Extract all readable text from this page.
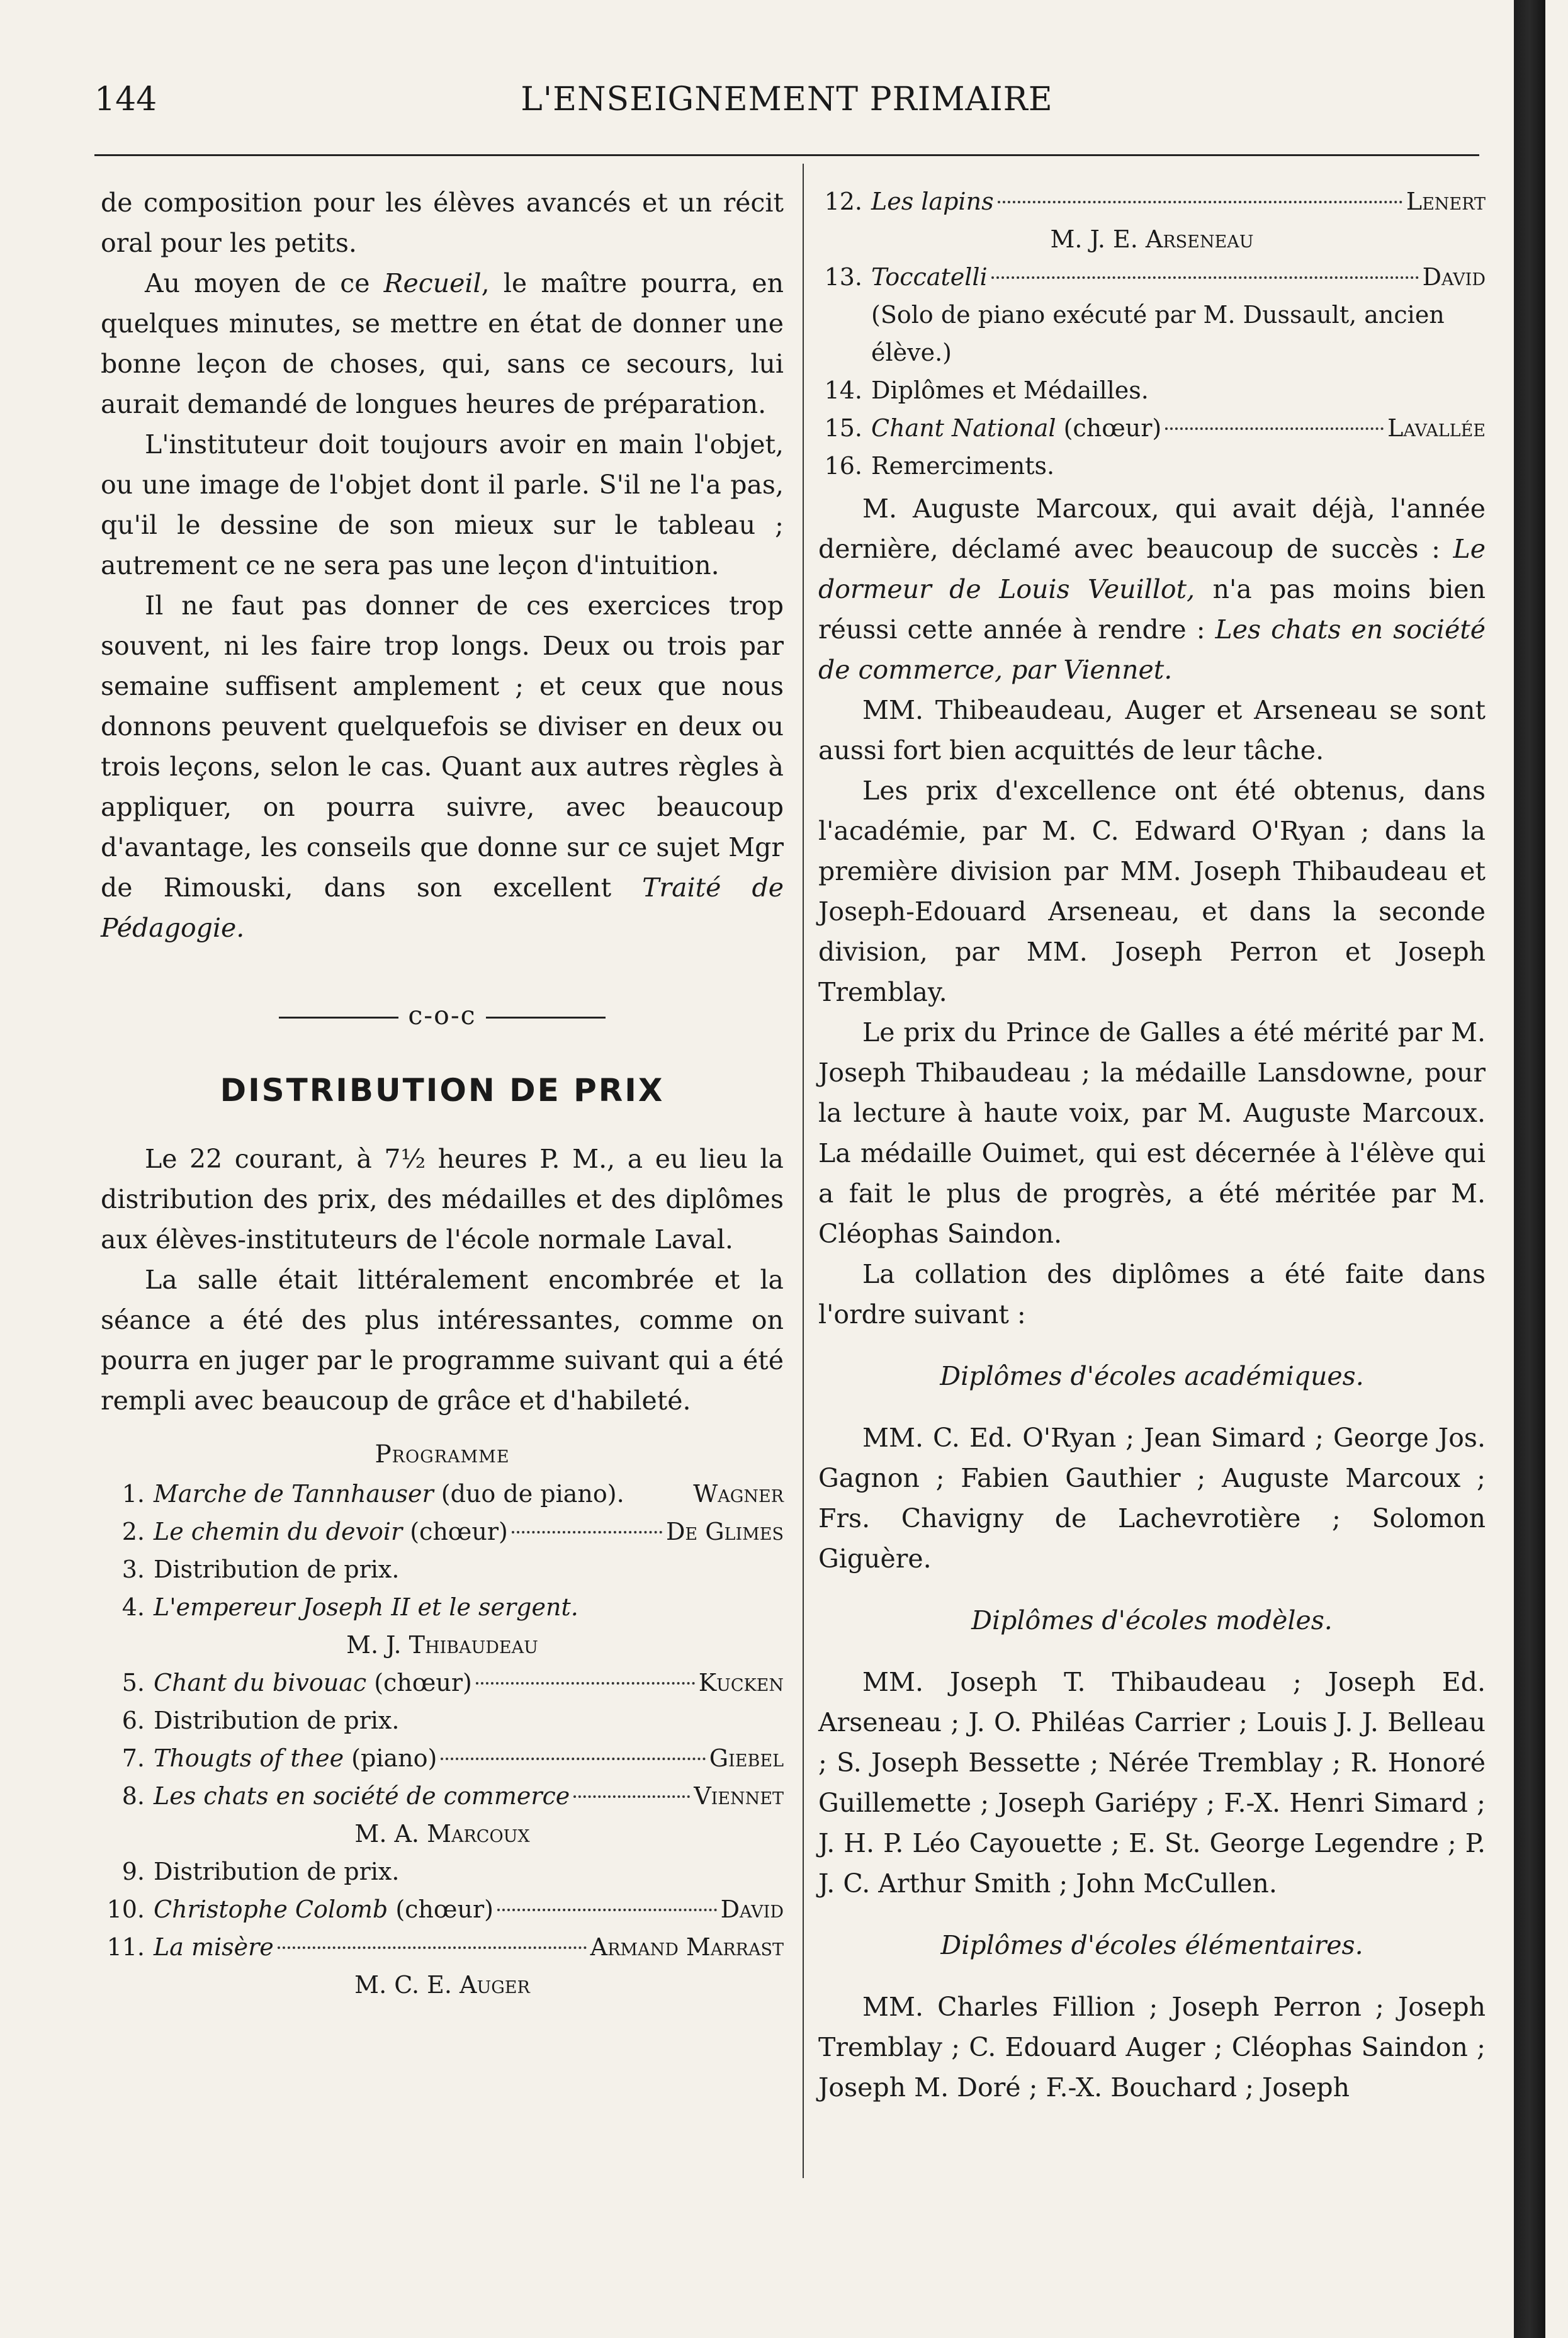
144	L'ENSEIGNEMENT PRIMAIRE

de composition pour les élèves avancés et un récit oral pour les petits.

Au moyen de ce Recueil, le maître pourra, en quelques minutes, se mettre en état de donner une bonne leçon de choses, qui, sans ce secours, lui aurait demandé de longues heures de préparation.

L'instituteur doit toujours avoir en main l'objet, ou une image de l'objet dont il parle. S'il ne l'a pas, qu'il le dessine de son mieux sur le tableau ; autrement ce ne sera pas une leçon d'intuition.

Il ne faut pas donner de ces exercices trop souvent, ni les faire trop longs. Deux ou trois par semaine suffisent amplement ; et ceux que nous donnons peuvent quelquefois se diviser en deux ou trois leçons, selon le cas. Quant aux autres règles à appliquer, on pourra suivre, avec beaucoup d'avantage, les conseils que donne sur ce sujet Mgr de Rimouski, dans son excellent Traité de Pédagogie.

c-o-c
DISTRIBUTION DE PRIX

Le 22 courant, à 7½ heures P. M., a eu lieu la distribution des prix, des médailles et des diplômes aux élèves-instituteurs de l'école normale Laval.

La salle était littéralement encombrée et la séance a été des plus intéressantes, comme on pourra en juger par le programme suivant qui a été rempli avec beaucoup de grâce et d'habileté.

Programme
1. Marche de Tannhauser (duo de piano).	Wagner
2. Le chemin du devoir (chœur)	De Glimes
3. Distribution de prix.
4. L'empereur Joseph II et le sergent.
M. J. Thibaudeau
5. Chant du bivouac (chœur)	Kucken
6. Distribution de prix.
7. Thougts of thee (piano)	Giebel
8. Les chats en société de commerce	Viennet
M. A. Marcoux
9. Distribution de prix.
10. Christophe Colomb (chœur)	David
11. La misère	Armand Marrast
M. C. E. Auger
12. Les lapins	Lenert
M. J. E. Arseneau
13. Toccatelli	David
(Solo de piano exécuté par M. Dussault, ancien élève.)
14. Diplômes et Médailles.
15. Chant National (chœur)	Lavallée
16. Remerciments.

M. Auguste Marcoux, qui avait déjà, l'année dernière, déclamé avec beaucoup de succès : Le dormeur de Louis Veuillot, n'a pas moins bien réussi cette année à rendre : Les chats en société de commerce, par Viennet.

MM. Thibeaudeau, Auger et Arseneau se sont aussi fort bien acquittés de leur tâche.

Les prix d'excellence ont été obtenus, dans l'académie, par M. C. Edward O'Ryan ; dans la première division par MM. Joseph Thibaudeau et Joseph-Edouard Arseneau, et dans la seconde division, par MM. Joseph Perron et Joseph Tremblay.

Le prix du Prince de Galles a été mérité par M. Joseph Thibaudeau ; la médaille Lansdowne, pour la lecture à haute voix, par M. Auguste Marcoux. La médaille Ouimet, qui est décernée à l'élève qui a fait le plus de progrès, a été méritée par M. Cléophas Saindon.

La collation des diplômes a été faite dans l'ordre suivant :

Diplômes d'écoles académiques.

MM. C. Ed. O'Ryan ; Jean Simard ; George Jos. Gagnon ; Fabien Gauthier ; Auguste Marcoux ; Frs. Chavigny de Lachevrotière ; Solomon Giguère.

Diplômes d'écoles modèles.

MM. Joseph T. Thibaudeau ; Joseph Ed. Arseneau ; J. O. Philéas Carrier ; Louis J. J. Belleau ; S. Joseph Bessette ; Nérée Tremblay ; R. Honoré Guillemette ; Joseph Gariépy ; F.-X. Henri Simard ; J. H. P. Léo Cayouette ; E. St. George Legendre ; P. J. C. Arthur Smith ; John McCullen.

Diplômes d'écoles élémentaires.

MM. Charles Fillion ; Joseph Perron ; Joseph Tremblay ; C. Edouard Auger ; Cléophas Saindon ; Joseph M. Doré ; F.-X. Bouchard ; Joseph
